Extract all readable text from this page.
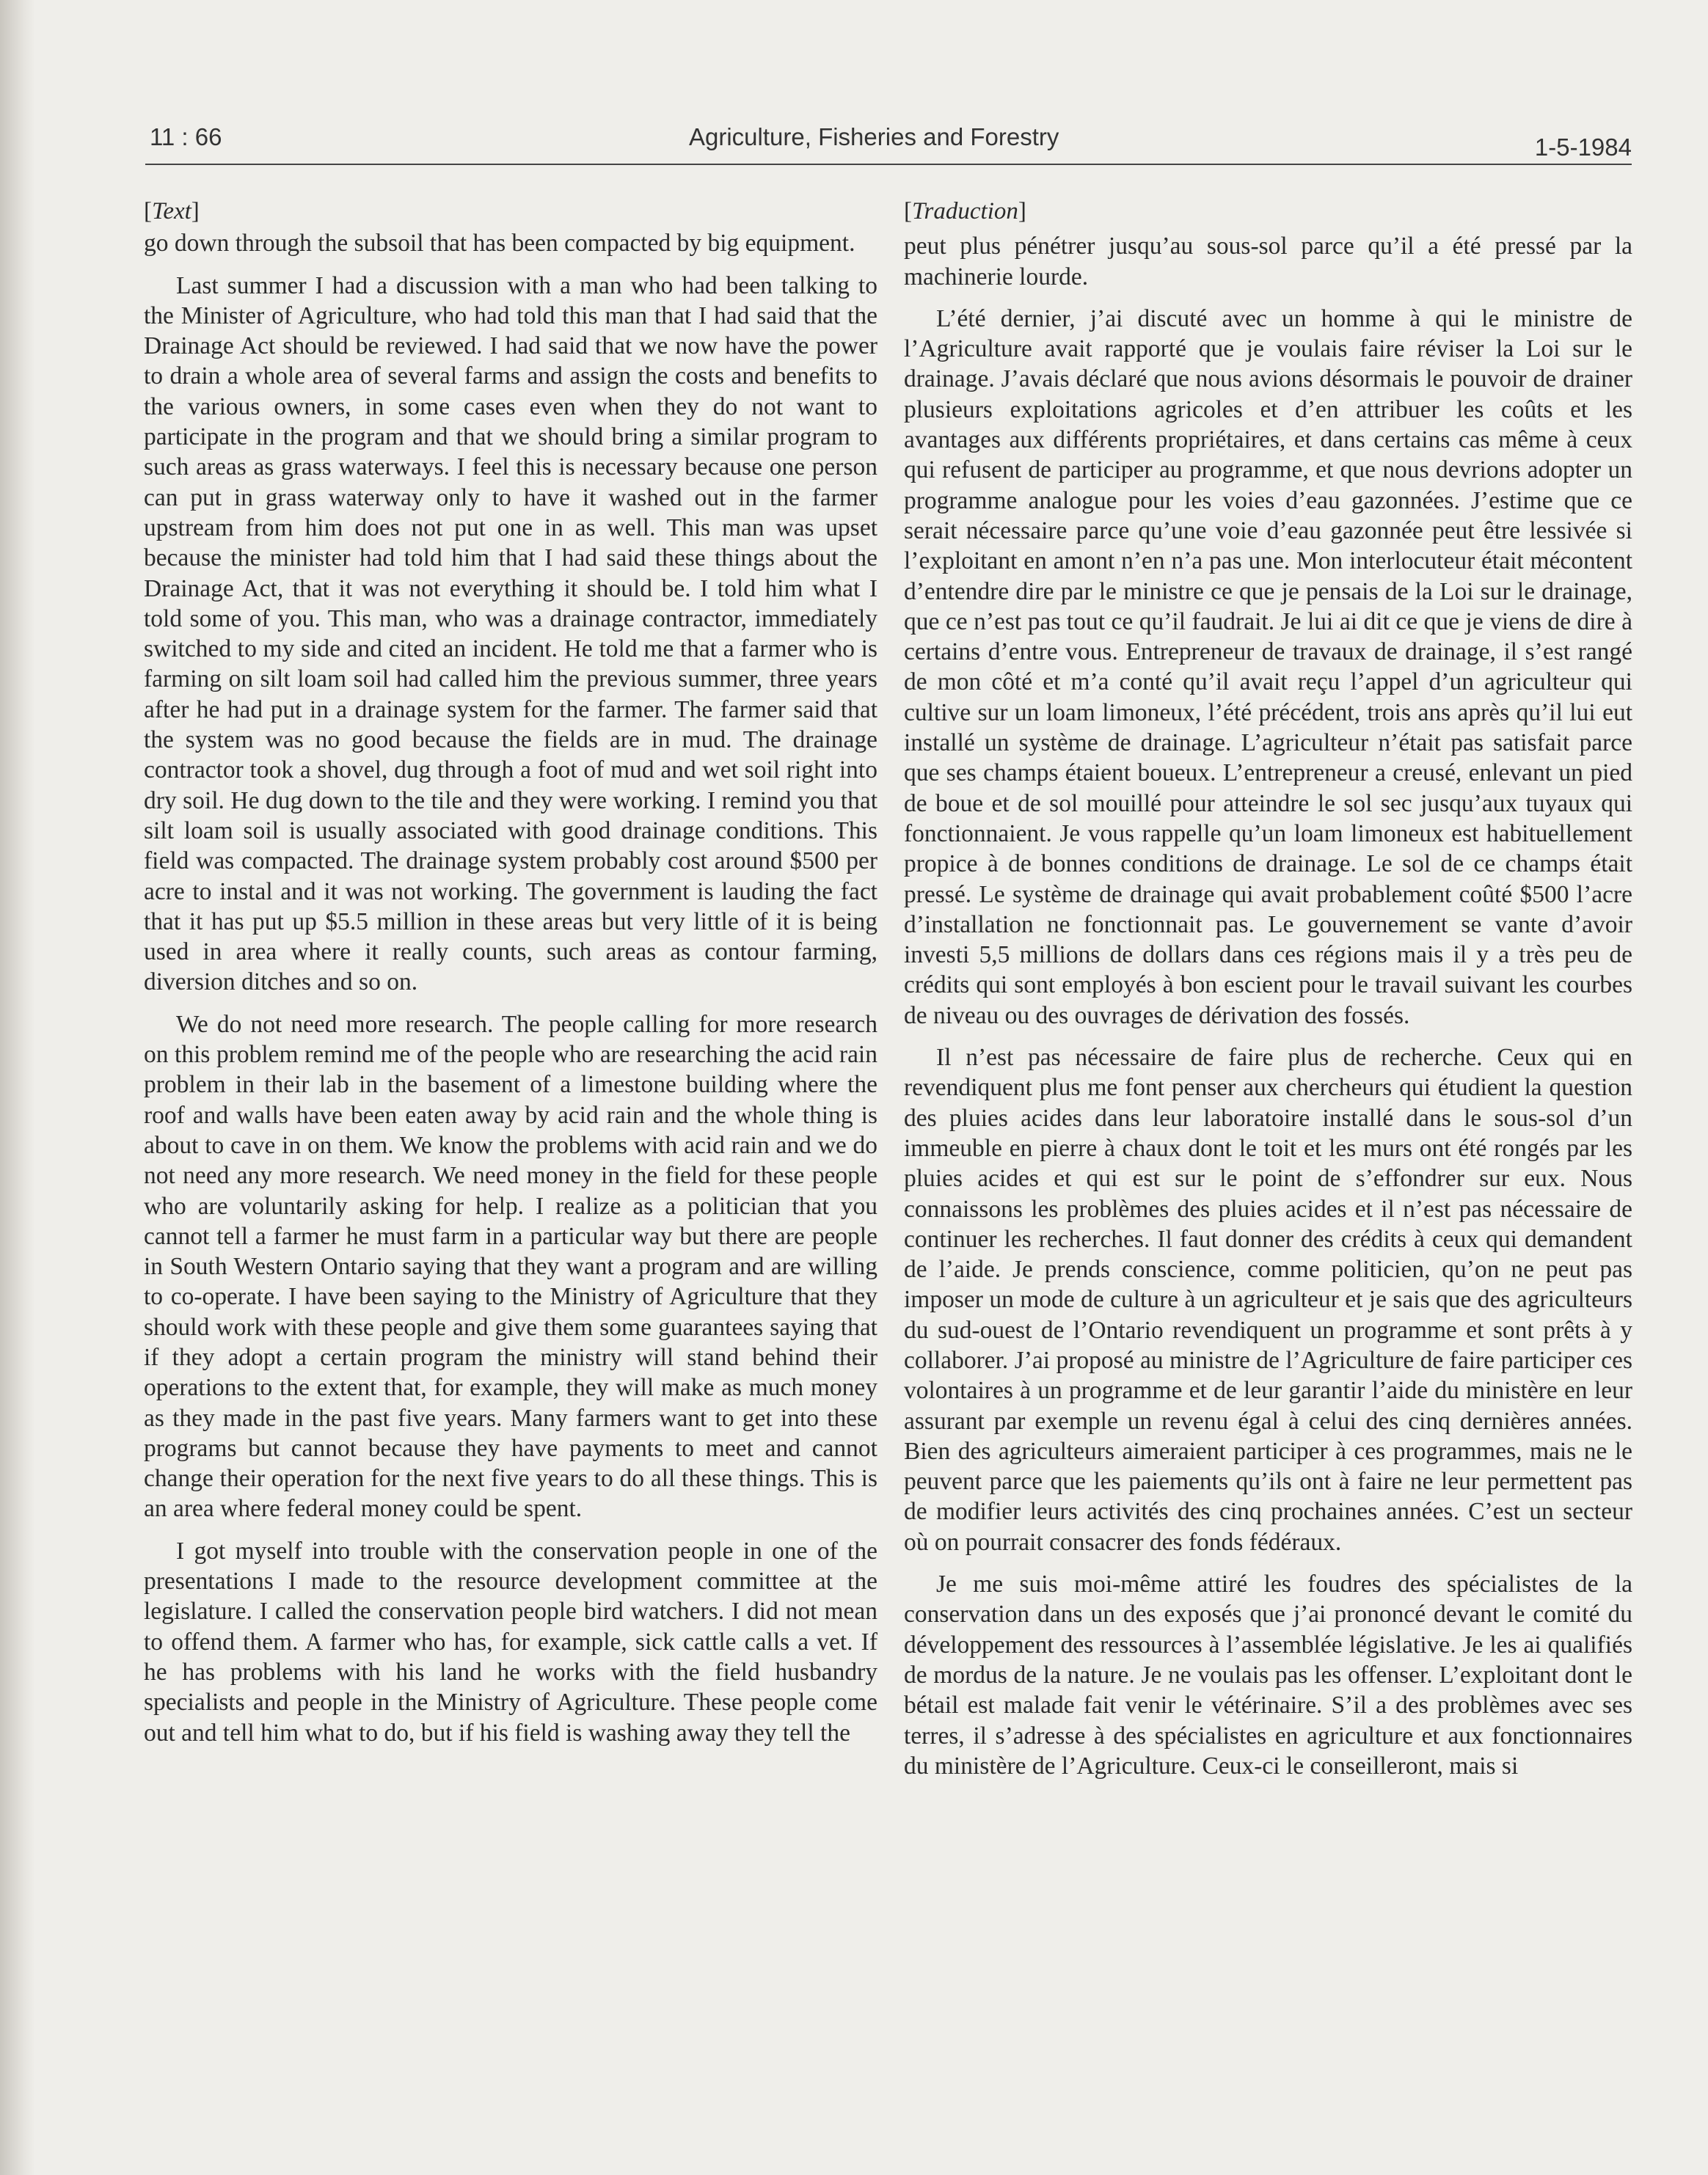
11 : 66	Agriculture, Fisheries and Forestry	1-5-1984
[Text]

go down through the subsoil that has been compacted by big equipment.

Last summer I had a discussion with a man who had been talking to the Minister of Agriculture, who had told this man that I had said that the Drainage Act should be reviewed. I had said that we now have the power to drain a whole area of several farms and assign the costs and benefits to the various owners, in some cases even when they do not want to participate in the program and that we should bring a similar program to such areas as grass waterways. I feel this is necessary because one person can put in grass waterway only to have it washed out in the farmer upstream from him does not put one in as well. This man was upset because the minister had told him that I had said these things about the Drainage Act, that it was not everything it should be. I told him what I told some of you. This man, who was a drainage contractor, immediately switched to my side and cited an incident. He told me that a farmer who is farming on silt loam soil had called him the previous summer, three years after he had put in a drainage system for the farmer. The farmer said that the system was no good because the fields are in mud. The drainage contractor took a shovel, dug through a foot of mud and wet soil right into dry soil. He dug down to the tile and they were working. I remind you that silt loam soil is usually associated with good drainage conditions. This field was compacted. The drainage system probably cost around $500 per acre to instal and it was not working. The government is lauding the fact that it has put up $5.5 million in these areas but very little of it is being used in area where it really counts, such areas as contour farming, diversion ditches and so on.

We do not need more research. The people calling for more research on this problem remind me of the people who are researching the acid rain problem in their lab in the basement of a limestone building where the roof and walls have been eaten away by acid rain and the whole thing is about to cave in on them. We know the problems with acid rain and we do not need any more research. We need money in the field for these people who are voluntarily asking for help. I realize as a politician that you cannot tell a farmer he must farm in a particular way but there are people in South Western Ontario saying that they want a program and are willing to co-operate. I have been saying to the Ministry of Agriculture that they should work with these people and give them some guarantees saying that if they adopt a certain program the ministry will stand behind their operations to the extent that, for example, they will make as much money as they made in the past five years. Many farmers want to get into these programs but cannot because they have payments to meet and cannot change their operation for the next five years to do all these things. This is an area where federal money could be spent.

I got myself into trouble with the conservation people in one of the presentations I made to the resource development committee at the legislature. I called the conservation people bird watchers. I did not mean to offend them. A farmer who has, for example, sick cattle calls a vet. If he has problems with his land he works with the field husbandry specialists and people in the Ministry of Agriculture. These people come out and tell him what to do, but if his field is washing away they tell the

[Traduction]

peut plus pénétrer jusqu’au sous-sol parce qu’il a été pressé par la machinerie lourde.

L’été dernier, j’ai discuté avec un homme à qui le ministre de l’Agriculture avait rapporté que je voulais faire réviser la Loi sur le drainage. J’avais déclaré que nous avions désormais le pouvoir de drainer plusieurs exploitations agricoles et d’en attribuer les coûts et les avantages aux différents propriétaires, et dans certains cas même à ceux qui refusent de participer au programme, et que nous devrions adopter un programme analogue pour les voies d’eau gazonnées. J’estime que ce serait nécessaire parce qu’une voie d’eau gazonnée peut être lessivée si l’exploitant en amont n’en n’a pas une. Mon interlocuteur était mécontent d’entendre dire par le ministre ce que je pensais de la Loi sur le drainage, que ce n’est pas tout ce qu’il faudrait. Je lui ai dit ce que je viens de dire à certains d’entre vous. Entrepreneur de travaux de drainage, il s’est rangé de mon côté et m’a conté qu’il avait reçu l’appel d’un agriculteur qui cultive sur un loam limoneux, l’été précédent, trois ans après qu’il lui eut installé un système de drainage. L’agriculteur n’était pas satisfait parce que ses champs étaient boueux. L’entrepreneur a creusé, enlevant un pied de boue et de sol mouillé pour atteindre le sol sec jusqu’aux tuyaux qui fonctionnaient. Je vous rappelle qu’un loam limoneux est habituellement propice à de bonnes conditions de drainage. Le sol de ce champs était pressé. Le système de drainage qui avait probablement coûté $500 l’acre d’installation ne fonctionnait pas. Le gouvernement se vante d’avoir investi 5,5 millions de dollars dans ces régions mais il y a très peu de crédits qui sont employés à bon escient pour le travail suivant les courbes de niveau ou des ouvrages de dérivation des fossés.

Il n’est pas nécessaire de faire plus de recherche. Ceux qui en revendiquent plus me font penser aux chercheurs qui étudient la question des pluies acides dans leur laboratoire installé dans le sous-sol d’un immeuble en pierre à chaux dont le toit et les murs ont été rongés par les pluies acides et qui est sur le point de s’effondrer sur eux. Nous connaissons les problèmes des pluies acides et il n’est pas nécessaire de continuer les recherches. Il faut donner des crédits à ceux qui demandent de l’aide. Je prends conscience, comme politicien, qu’on ne peut pas imposer un mode de culture à un agriculteur et je sais que des agriculteurs du sud-ouest de l’Ontario revendiquent un programme et sont prêts à y collaborer. J’ai proposé au ministre de l’Agriculture de faire participer ces volontaires à un programme et de leur garantir l’aide du ministère en leur assurant par exemple un revenu égal à celui des cinq dernières années. Bien des agriculteurs aimeraient participer à ces programmes, mais ne le peuvent parce que les paiements qu’ils ont à faire ne leur permettent pas de modifier leurs activités des cinq prochaines années. C’est un secteur où on pourrait consacrer des fonds fédéraux.

Je me suis moi-même attiré les foudres des spécialistes de la conservation dans un des exposés que j’ai prononcé devant le comité du développement des ressources à l’assemblée législative. Je les ai qualifiés de mordus de la nature. Je ne voulais pas les offenser. L’exploitant dont le bétail est malade fait venir le vétérinaire. S’il a des problèmes avec ses terres, il s’adresse à des spécialistes en agriculture et aux fonctionnaires du ministère de l’Agriculture. Ceux-ci le conseilleront, mais si
